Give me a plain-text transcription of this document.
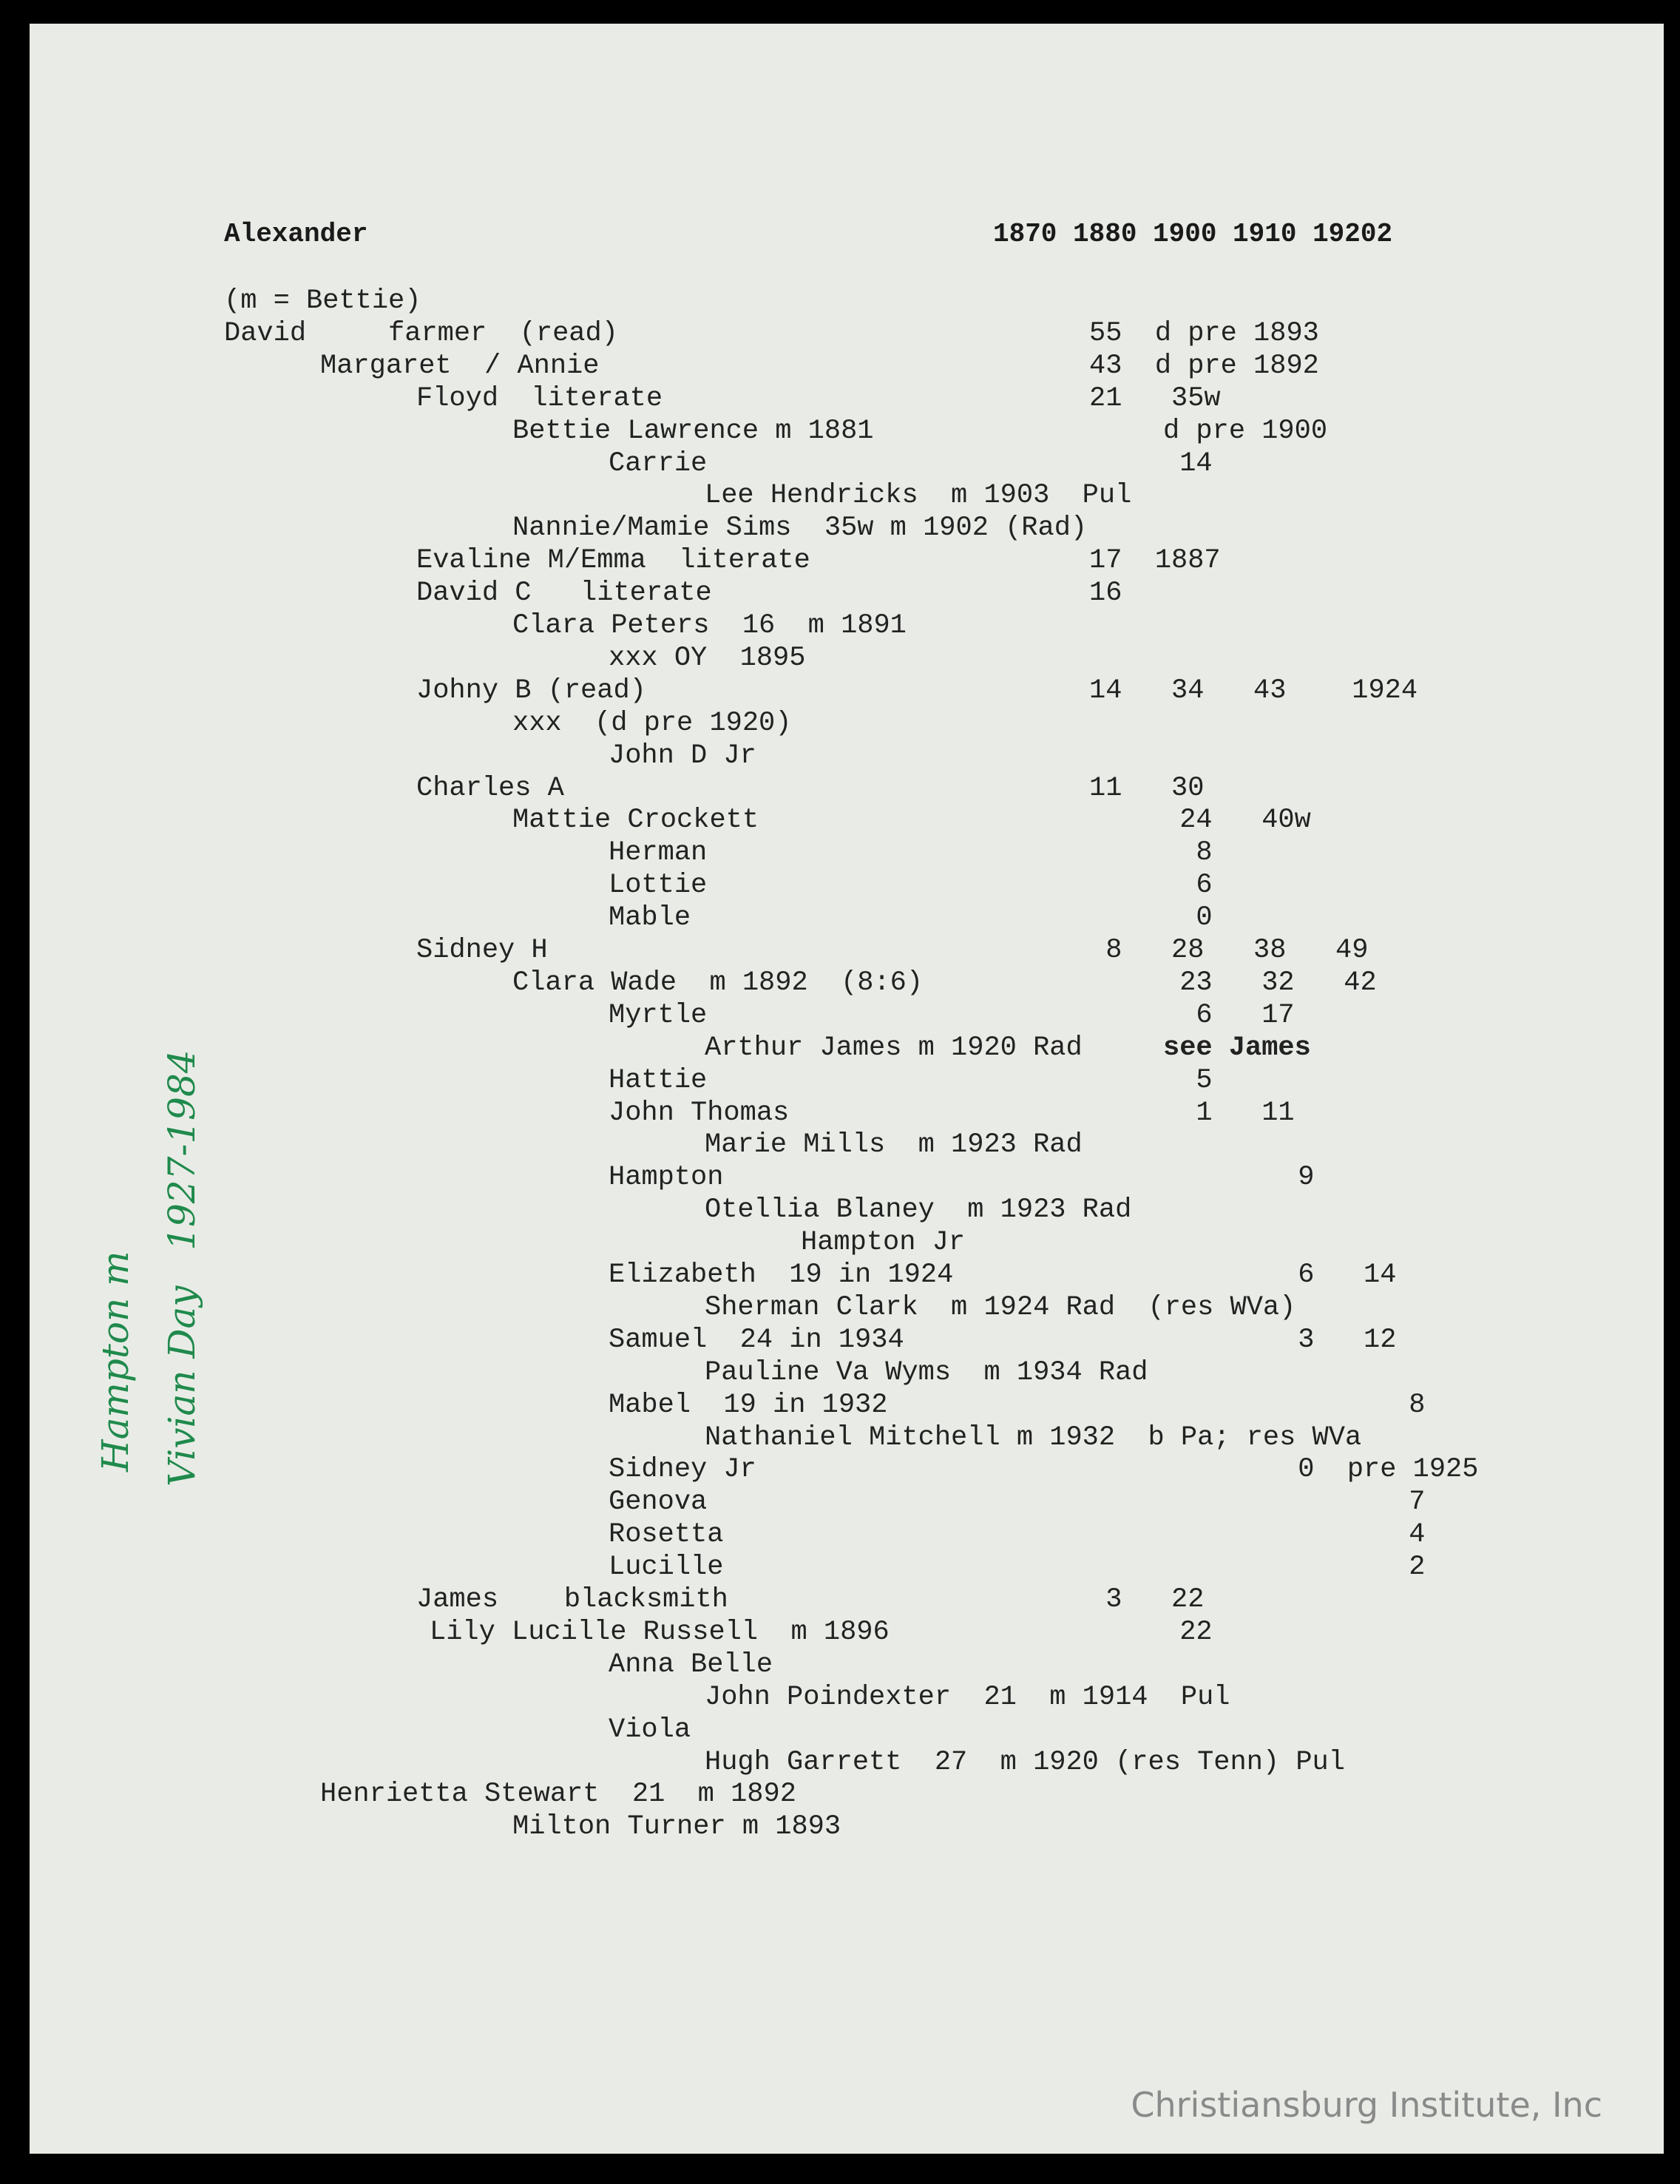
Alexander	1870 1880 1900 1910 19202
(m = Bettie)
David     farmer  (read)	55  d pre 1893
Margaret  / Annie	43  d pre 1892
Floyd  literate	21   35w
Bettie Lawrence m 1881	d pre 1900
Carrie	14
Lee Hendricks  m 1903  Pul
Nannie/Mamie Sims  35w m 1902 (Rad)
Evaline M/Emma  literate	17  1887
David C   literate	16
Clara Peters  16  m 1891
xxx OY  1895
Johny B (read)	14   34   43    1924
xxx  (d pre 1920)
John D Jr
Charles A	11   30
Mattie Crockett	24   40w
Herman	8
Lottie	6
Mable	0
Sidney H	8   28   38   49
Clara Wade  m 1892  (8:6)	23   32   42
Myrtle	6   17
Arthur James m 1920 Rad	see James
Hattie	5
John Thomas	1   11
Marie Mills  m 1923 Rad
Hampton	9
Otellia Blaney  m 1923 Rad
Hampton Jr
Elizabeth  19 in 1924	6   14
Sherman Clark  m 1924 Rad  (res WVa)
Samuel  24 in 1934	3   12
Pauline Va Wyms  m 1934 Rad
Mabel  19 in 1932	8
Nathaniel Mitchell m 1932  b Pa; res WVa
Sidney Jr	0  pre 1925
Genova	7
Rosetta	4
Lucille	2
James    blacksmith	3   22
Lily Lucille Russell  m 1896	22
Anna Belle
John Poindexter  21  m 1914  Pul
Viola
Hugh Garrett  27  m 1920 (res Tenn) Pul
Henrietta Stewart  21  m 1892
Milton Turner m 1893
Hampton m Vivian Day   1927-1984
Christiansburg Institute, Inc
